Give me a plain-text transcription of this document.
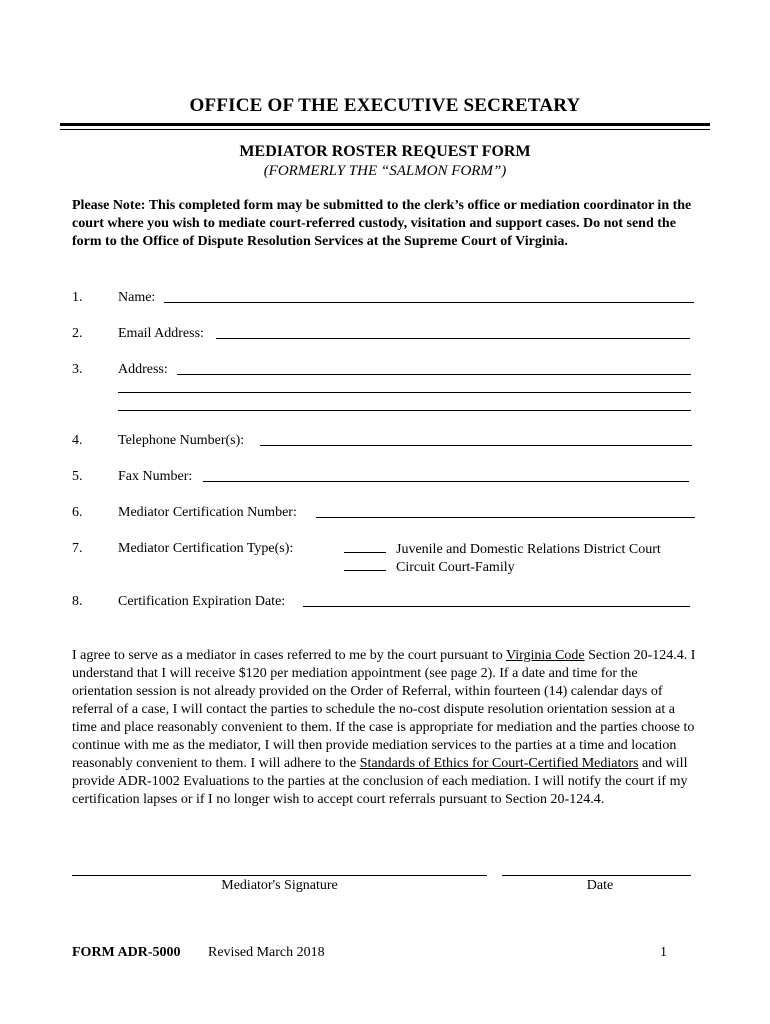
OFFICE OF THE EXECUTIVE SECRETARY
MEDIATOR ROSTER REQUEST FORM
(FORMERLY THE “SALMON FORM”)
Please Note: This completed form may be submitted to the clerk’s office or mediation coordinator in the court where you wish to mediate court-referred custody, visitation and support cases. Do not send the form to the Office of Dispute Resolution Services at the Supreme Court of Virginia.
1.	Name:
2.	Email Address:
3.	Address:
4.	Telephone Number(s):
5.	Fax Number:
6.	Mediator Certification Number:
7.	Mediator Certification Type(s):	Juvenile and Domestic Relations District Court
Circuit Court-Family
8.	Certification Expiration Date:
I agree to serve as a mediator in cases referred to me by the court pursuant to Virginia Code Section 20-124.4. I understand that I will receive $120 per mediation appointment (see page 2). If a date and time for the orientation session is not already provided on the Order of Referral, within fourteen (14) calendar days of referral of a case, I will contact the parties to schedule the no-cost dispute resolution orientation session at a time and place reasonably convenient to them. If the case is appropriate for mediation and the parties choose to continue with me as the mediator, I will then provide mediation services to the parties at a time and location reasonably convenient to them. I will adhere to the Standards of Ethics for Court-Certified Mediators and will provide ADR-1002 Evaluations to the parties at the conclusion of each mediation. I will notify the court if my certification lapses or if I no longer wish to accept court referrals pursuant to Section 20-124.4.
Mediator's Signature	Date
FORM ADR-5000 Revised March 2018	1
